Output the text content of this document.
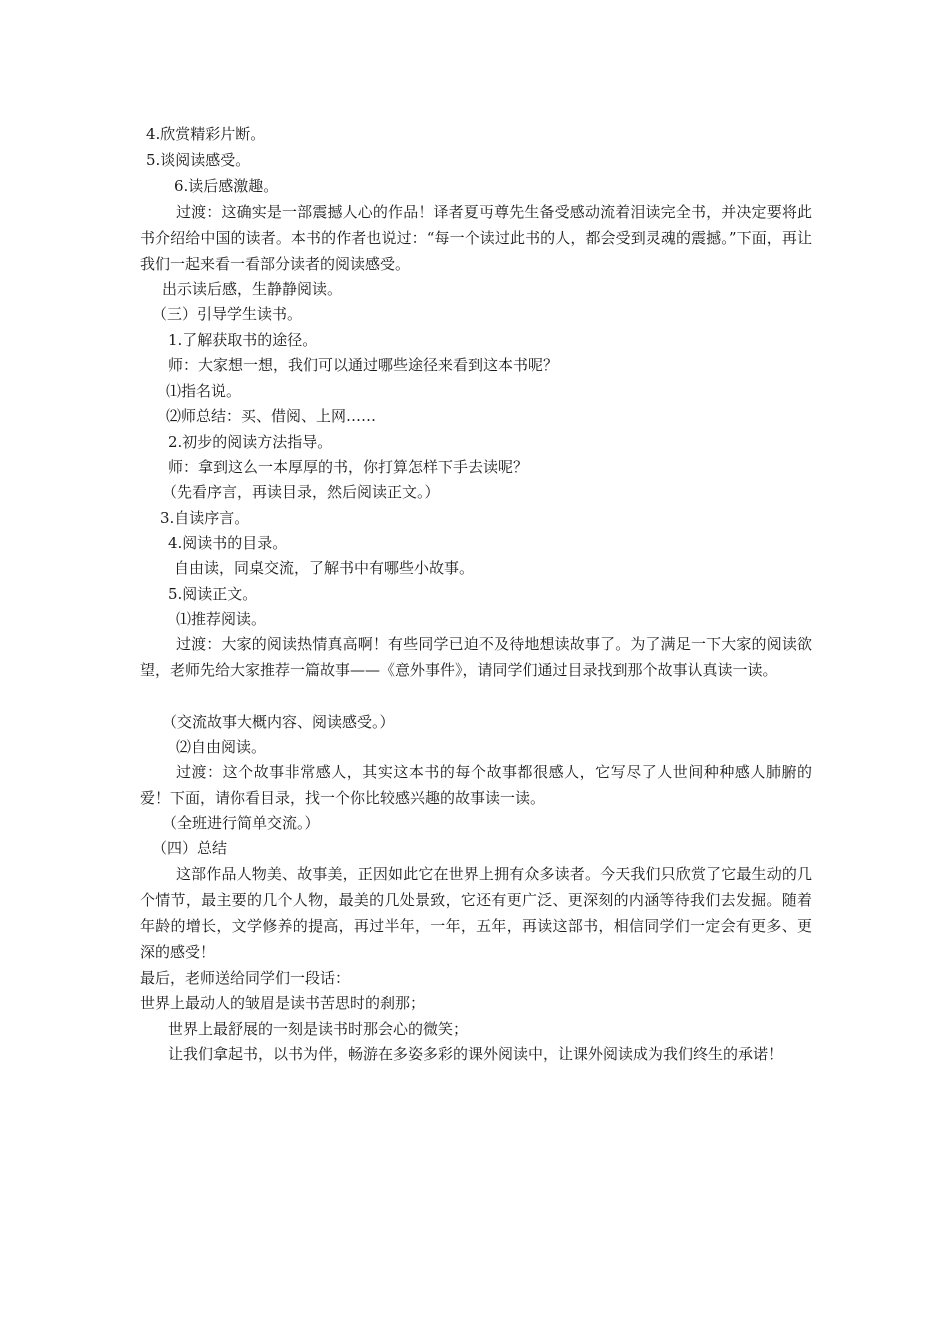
4.欣赏精彩片断。
5.谈阅读感受。
6.读后感激趣。
过渡：这确实是一部震撼人心的作品！译者夏丏尊先生备受感动流着泪读完全书，并决定要将此书介绍给中国的读者。本书的作者也说过：“每一个读过此书的人，都会受到灵魂的震撼。”下面，再让我们一起来看一看部分读者的阅读感受。
出示读后感，生静静阅读。
（三）引导学生读书。
1.了解获取书的途径。
师：大家想一想，我们可以通过哪些途径来看到这本书呢？
⑴指名说。
⑵师总结：买、借阅、上网……
2.初步的阅读方法指导。
师：拿到这么一本厚厚的书，你打算怎样下手去读呢？
（先看序言，再读目录，然后阅读正文。）
3.自读序言。
4.阅读书的目录。
自由读，同桌交流，了解书中有哪些小故事。
5.阅读正文。
⑴推荐阅读。
过渡：大家的阅读热情真高啊！有些同学已迫不及待地想读故事了。为了满足一下大家的阅读欲望，老师先给大家推荐一篇故事——《意外事件》，请同学们通过目录找到那个故事认真读一读。
（交流故事大概内容、阅读感受。）
⑵自由阅读。
过渡：这个故事非常感人，其实这本书的每个故事都很感人，它写尽了人世间种种感人肺腑的爱！下面，请你看目录，找一个你比较感兴趣的故事读一读。
（全班进行简单交流。）
（四）总结
这部作品人物美、故事美，正因如此它在世界上拥有众多读者。今天我们只欣赏了它最生动的几个情节，最主要的几个人物，最美的几处景致，它还有更广泛、更深刻的内涵等待我们去发掘。随着年龄的增长，文学修养的提高，再过半年，一年，五年，再读这部书，相信同学们一定会有更多、更深的感受！
最后，老师送给同学们一段话：
世界上最动人的皱眉是读书苦思时的刹那；
世界上最舒展的一刻是读书时那会心的微笑；
让我们拿起书，以书为伴，畅游在多姿多彩的课外阅读中，让课外阅读成为我们终生的承诺！
